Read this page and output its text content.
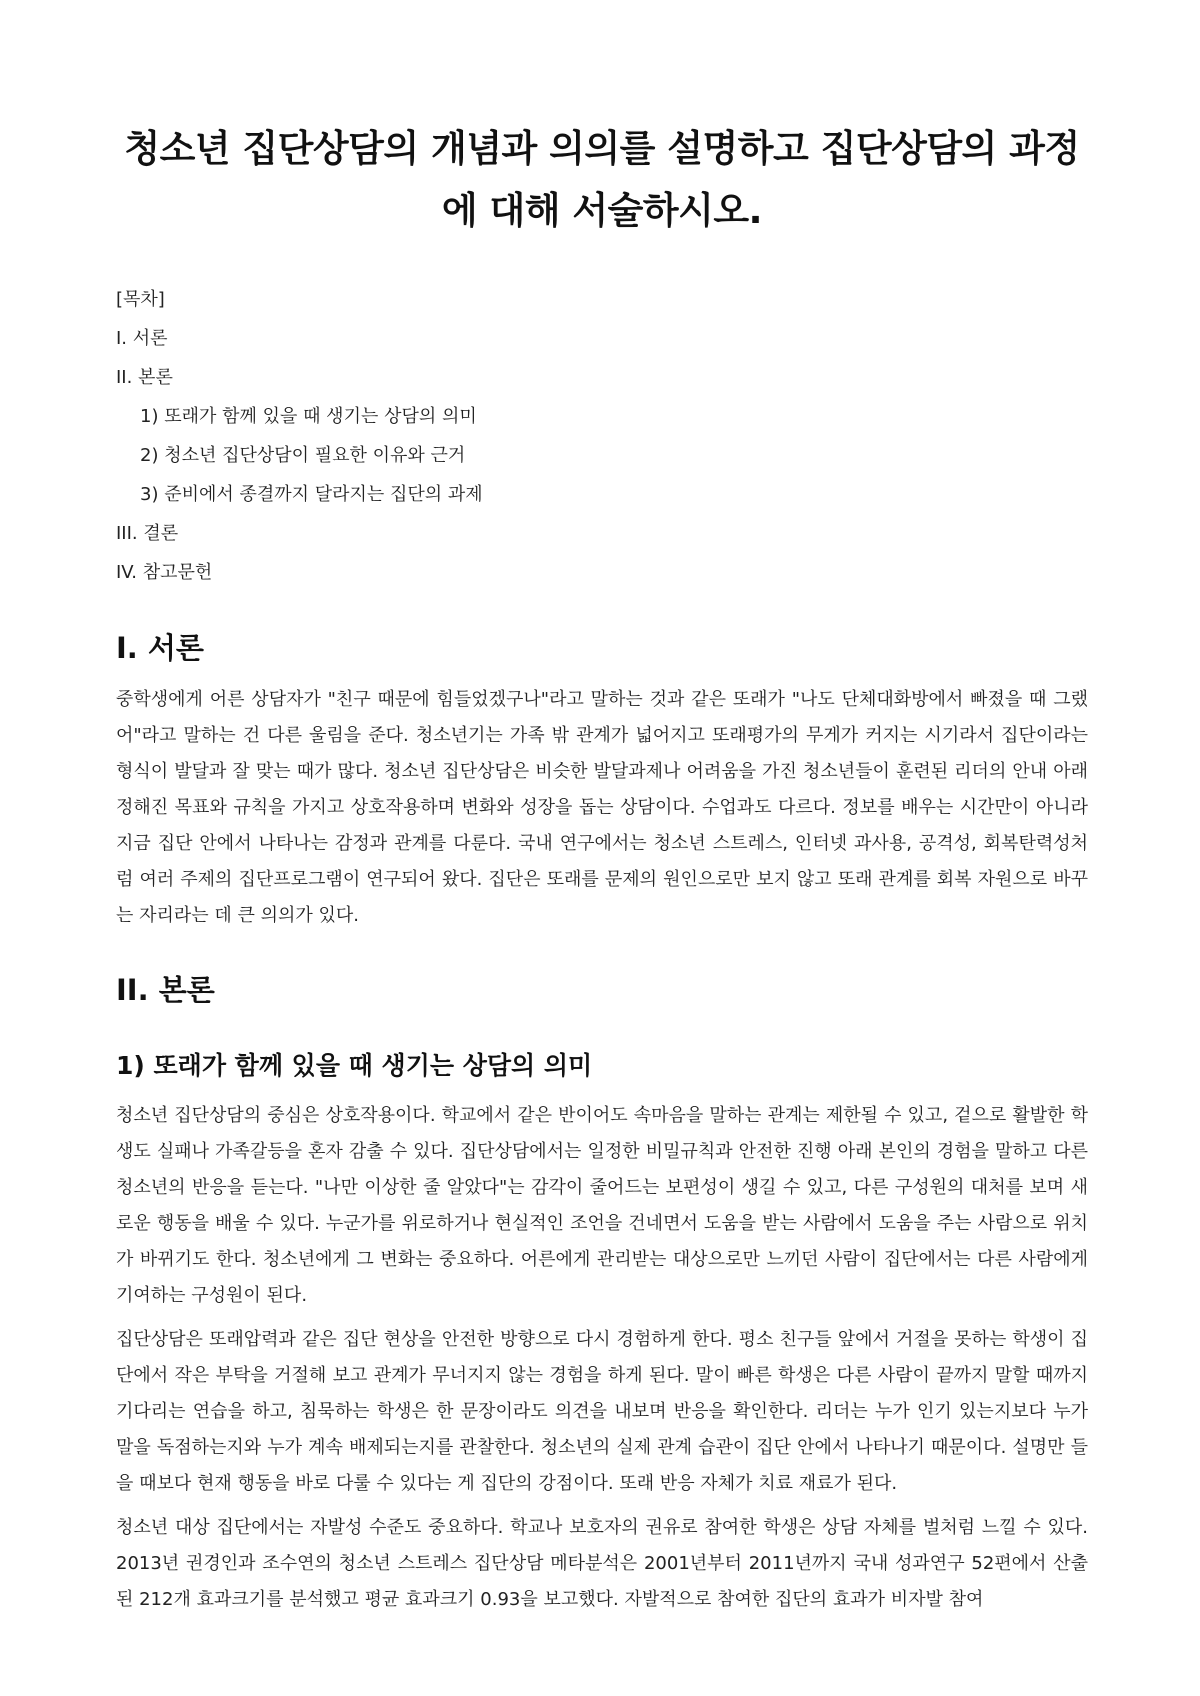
청소년 집단상담의 개념과 의의를 설명하고 집단상담의 과정에 대해 서술하시오.
[목차]
I. 서론
II. 본론
1) 또래가 함께 있을 때 생기는 상담의 의미
2) 청소년 집단상담이 필요한 이유와 근거
3) 준비에서 종결까지 달라지는 집단의 과제
III. 결론
IV. 참고문헌
I. 서론

중학생에게 어른 상담자가 "친구 때문에 힘들었겠구나"라고 말하는 것과 같은 또래가 "나도 단체대화방에서 빠졌을 때 그랬어"라고 말하는 건 다른 울림을 준다. 청소년기는 가족 밖 관계가 넓어지고 또래평가의 무게가 커지는 시기라서 집단이라는 형식이 발달과 잘 맞는 때가 많다. 청소년 집단상담은 비슷한 발달과제나 어려움을 가진 청소년들이 훈련된 리더의 안내 아래 정해진 목표와 규칙을 가지고 상호작용하며 변화와 성장을 돕는 상담이다. 수업과도 다르다. 정보를 배우는 시간만이 아니라 지금 집단 안에서 나타나는 감정과 관계를 다룬다. 국내 연구에서는 청소년 스트레스, 인터넷 과사용, 공격성, 회복탄력성처럼 여러 주제의 집단프로그램이 연구되어 왔다. 집단은 또래를 문제의 원인으로만 보지 않고 또래 관계를 회복 자원으로 바꾸는 자리라는 데 큰 의의가 있다.

II. 본론
1) 또래가 함께 있을 때 생기는 상담의 의미

청소년 집단상담의 중심은 상호작용이다. 학교에서 같은 반이어도 속마음을 말하는 관계는 제한될 수 있고, 겉으로 활발한 학생도 실패나 가족갈등을 혼자 감출 수 있다. 집단상담에서는 일정한 비밀규칙과 안전한 진행 아래 본인의 경험을 말하고 다른 청소년의 반응을 듣는다. "나만 이상한 줄 알았다"는 감각이 줄어드는 보편성이 생길 수 있고, 다른 구성원의 대처를 보며 새로운 행동을 배울 수 있다. 누군가를 위로하거나 현실적인 조언을 건네면서 도움을 받는 사람에서 도움을 주는 사람으로 위치가 바뀌기도 한다. 청소년에게 그 변화는 중요하다. 어른에게 관리받는 대상으로만 느끼던 사람이 집단에서는 다른 사람에게 기여하는 구성원이 된다.

집단상담은 또래압력과 같은 집단 현상을 안전한 방향으로 다시 경험하게 한다. 평소 친구들 앞에서 거절을 못하는 학생이 집단에서 작은 부탁을 거절해 보고 관계가 무너지지 않는 경험을 하게 된다. 말이 빠른 학생은 다른 사람이 끝까지 말할 때까지 기다리는 연습을 하고, 침묵하는 학생은 한 문장이라도 의견을 내보며 반응을 확인한다. 리더는 누가 인기 있는지보다 누가 말을 독점하는지와 누가 계속 배제되는지를 관찰한다. 청소년의 실제 관계 습관이 집단 안에서 나타나기 때문이다. 설명만 들을 때보다 현재 행동을 바로 다룰 수 있다는 게 집단의 강점이다. 또래 반응 자체가 치료 재료가 된다.

청소년 대상 집단에서는 자발성 수준도 중요하다. 학교나 보호자의 권유로 참여한 학생은 상담 자체를 벌처럼 느낄 수 있다. 2013년 권경인과 조수연의 청소년 스트레스 집단상담 메타분석은 2001년부터 2011년까지 국내 성과연구 52편에서 산출된 212개 효과크기를 분석했고 평균 효과크기 0.93을 보고했다. 자발적으로 참여한 집단의 효과가 비자발 참여
